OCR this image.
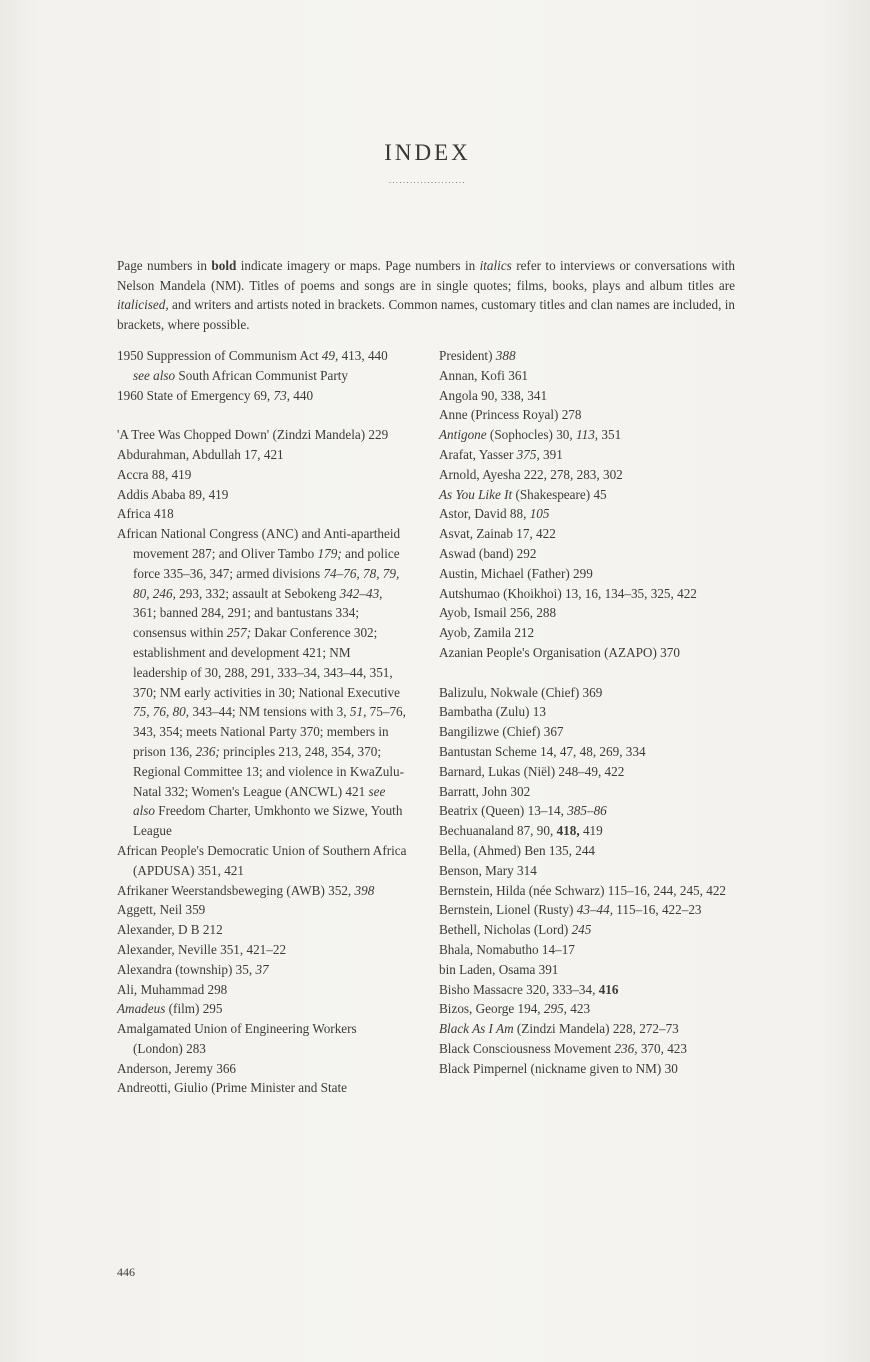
INDEX
......................
Page numbers in bold indicate imagery or maps. Page numbers in italics refer to interviews or conversations with Nelson Mandela (NM). Titles of poems and songs are in single quotes; films, books, plays and album titles are italicised, and writers and artists noted in brackets. Common names, customary titles and clan names are included, in brackets, where possible.
1950 Suppression of Communism Act 49, 413, 440 see also South African Communist Party
1960 State of Emergency 69, 73, 440
'A Tree Was Chopped Down' (Zindzi Mandela) 229
Abdurahman, Abdullah 17, 421
Accra 88, 419
Addis Ababa 89, 419
Africa 418
African National Congress (ANC) and Anti-apartheid movement 287; and Oliver Tambo 179; and police force 335–36, 347; armed divisions 74–76, 78, 79, 80, 246, 293, 332; assault at Sebokeng 342–43, 361; banned 284, 291; and bantustans 334; consensus within 257; Dakar Conference 302; establishment and development 421; NM leadership of 30, 288, 291, 333–34, 343–44, 351, 370; NM early activities in 30; National Executive 75, 76, 80, 343–44; NM tensions with 3, 51, 75–76, 343, 354; meets National Party 370; members in prison 136, 236; principles 213, 248, 354, 370; Regional Committee 13; and violence in KwaZulu-Natal 332; Women's League (ANCWL) 421 see also Freedom Charter, Umkhonto we Sizwe, Youth League
African People's Democratic Union of Southern Africa (APDUSA) 351, 421
Afrikaner Weerstandsbeweging (AWB) 352, 398
Aggett, Neil 359
Alexander, D B 212
Alexander, Neville 351, 421–22
Alexandra (township) 35, 37
Ali, Muhammad 298
Amadeus (film) 295
Amalgamated Union of Engineering Workers (London) 283
Anderson, Jeremy 366
Andreotti, Giulio (Prime Minister and State
President) 388
Annan, Kofi 361
Angola 90, 338, 341
Anne (Princess Royal) 278
Antigone (Sophocles) 30, 113, 351
Arafat, Yasser 375, 391
Arnold, Ayesha 222, 278, 283, 302
As You Like It (Shakespeare) 45
Astor, David 88, 105
Asvat, Zainab 17, 422
Aswad (band) 292
Austin, Michael (Father) 299
Autshumao (Khoikhoi) 13, 16, 134–35, 325, 422
Ayob, Ismail 256, 288
Ayob, Zamila 212
Azanian People's Organisation (AZAPO) 370
Balizulu, Nokwale (Chief) 369
Bambatha (Zulu) 13
Bangilizwe (Chief) 367
Bantustan Scheme 14, 47, 48, 269, 334
Barnard, Lukas (Niël) 248–49, 422
Barratt, John 302
Beatrix (Queen) 13–14, 385–86
Bechuanaland 87, 90, 418, 419
Bella, (Ahmed) Ben 135, 244
Benson, Mary 314
Bernstein, Hilda (née Schwarz) 115–16, 244, 245, 422
Bernstein, Lionel (Rusty) 43–44, 115–16, 422–23
Bethell, Nicholas (Lord) 245
Bhala, Nomabutho 14–17
bin Laden, Osama 391
Bisho Massacre 320, 333–34, 416
Bizos, George 194, 295, 423
Black As I Am (Zindzi Mandela) 228, 272–73
Black Consciousness Movement 236, 370, 423
Black Pimpernel (nickname given to NM) 30
446
